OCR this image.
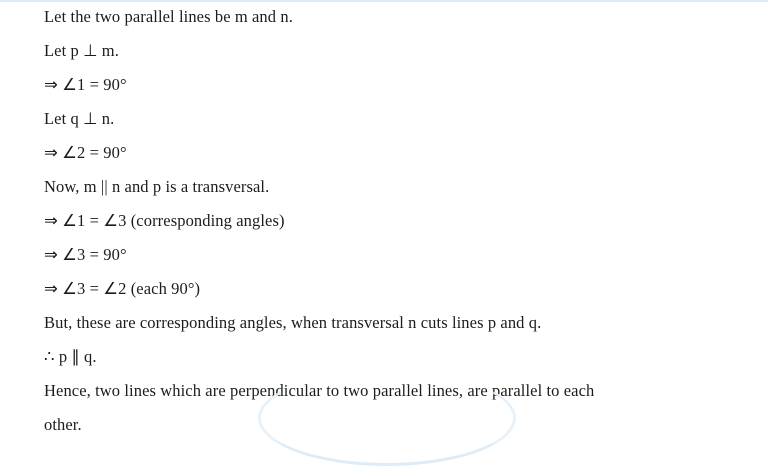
Let the two parallel lines be m and n.
Let p ⊥ m.
⇒ ∠1 = 90°
Let q ⊥ n.
⇒ ∠2 = 90°
Now, m || n and p is a transversal.
⇒ ∠1 = ∠3 (corresponding angles)
⇒ ∠3 = 90°
⇒ ∠3 = ∠2 (each 90°)
But, these are corresponding angles, when transversal n cuts lines p and q.
∴ p ∥ q.
Hence, two lines which are perpendicular to two parallel lines, are parallel to each
other.
